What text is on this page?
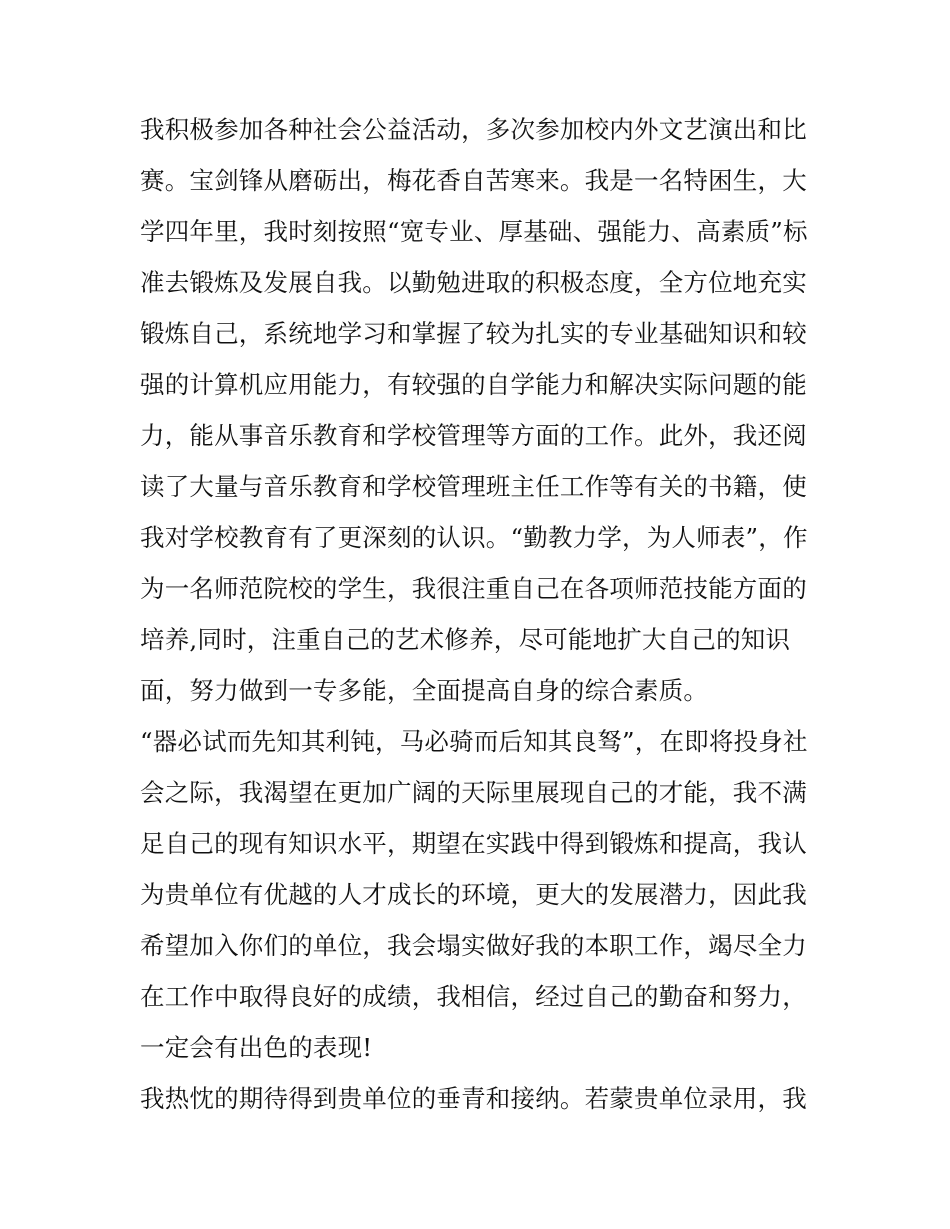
我积极参加各种社会公益活动，多次参加校内外文艺演出和比
赛。宝剑锋从磨砺出，梅花香自苦寒来。我是一名特困生，大
学四年里，我时刻按照“宽专业、厚基础、强能力、高素质”标
准去锻炼及发展自我。以勤勉进取的积极态度，全方位地充实
锻炼自己，系统地学习和掌握了较为扎实的专业基础知识和较
强的计算机应用能力，有较强的自学能力和解决实际问题的能
力，能从事音乐教育和学校管理等方面的工作。此外，我还阅
读了大量与音乐教育和学校管理班主任工作等有关的书籍，使
我对学校教育有了更深刻的认识。“勤教力学，为人师表”，作
为一名师范院校的学生，我很注重自己在各项师范技能方面的
培养,同时，注重自己的艺术修养，尽可能地扩大自己的知识
面，努力做到一专多能，全面提高自身的综合素质。
“器必试而先知其利钝，马必骑而后知其良驽”，在即将投身社
会之际，我渴望在更加广阔的天际里展现自己的才能，我不满
足自己的现有知识水平，期望在实践中得到锻炼和提高，我认
为贵单位有优越的人才成长的环境，更大的发展潜力，因此我
希望加入你们的单位，我会塌实做好我的本职工作，竭尽全力
在工作中取得良好的成绩，我相信，经过自己的勤奋和努力，
一定会有出色的表现!
我热忱的期待得到贵单位的垂青和接纳。若蒙贵单位录用，我
